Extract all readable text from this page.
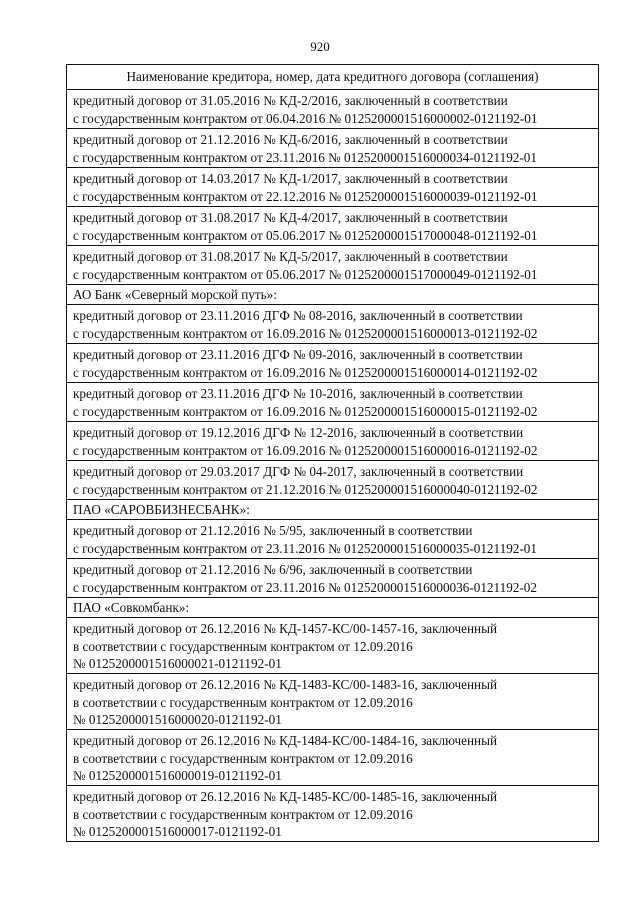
920
Наименование кредитора, номер, дата кредитного договора (соглашения)
кредитный договор от 31.05.2016 № КД-2/2016, заключенный в соответствии
с государственным контрактом от 06.04.2016 № 0125200001516000002-0121192-01
кредитный договор от 21.12.2016 № КД-6/2016, заключенный в соответствии
с государственным контрактом от 23.11.2016 № 0125200001516000034-0121192-01
кредитный договор от 14.03.2017 № КД-1/2017, заключенный в соответствии
с государственным контрактом от 22.12.2016 № 0125200001516000039-0121192-01
кредитный договор от 31.08.2017 № КД-4/2017, заключенный в соответствии
с государственным контрактом от 05.06.2017 № 0125200001517000048-0121192-01
кредитный договор от 31.08.2017 № КД-5/2017, заключенный в соответствии
с государственным контрактом от 05.06.2017 № 0125200001517000049-0121192-01
АО Банк «Северный морской путь»:
кредитный договор от 23.11.2016 ДГФ № 08-2016, заключенный в соответствии
с государственным контрактом от 16.09.2016 № 0125200001516000013-0121192-02
кредитный договор от 23.11.2016 ДГФ № 09-2016, заключенный в соответствии
с государственным контрактом от 16.09.2016 № 0125200001516000014-0121192-02
кредитный договор от 23.11.2016 ДГФ № 10-2016, заключенный в соответствии
с государственным контрактом от 16.09.2016 № 0125200001516000015-0121192-02
кредитный договор от 19.12.2016 ДГФ № 12-2016, заключенный в соответствии
с государственным контрактом от 16.09.2016 № 0125200001516000016-0121192-02
кредитный договор от 29.03.2017 ДГФ № 04-2017, заключенный в соответствии
с государственным контрактом от 21.12.2016 № 0125200001516000040-0121192-02
ПАО «САРОВБИЗНЕСБАНК»:
кредитный договор от 21.12.2016 № 5/95, заключенный в соответствии
с государственным контрактом от 23.11.2016 № 0125200001516000035-0121192-01
кредитный договор от 21.12.2016 № 6/96, заключенный в соответствии
с государственным контрактом от 23.11.2016 № 0125200001516000036-0121192-02
ПАО «Совкомбанк»:
кредитный договор от 26.12.2016 № КД-1457-КС/00-1457-16, заключенный
в соответствии с государственным контрактом от 12.09.2016
№ 0125200001516000021-0121192-01
кредитный договор от 26.12.2016 № КД-1483-КС/00-1483-16, заключенный
в соответствии с государственным контрактом от 12.09.2016
№ 0125200001516000020-0121192-01
кредитный договор от 26.12.2016 № КД-1484-КС/00-1484-16, заключенный
в соответствии с государственным контрактом от 12.09.2016
№ 0125200001516000019-0121192-01
кредитный договор от 26.12.2016 № КД-1485-КС/00-1485-16, заключенный
в соответствии с государственным контрактом от 12.09.2016
№ 0125200001516000017-0121192-01
